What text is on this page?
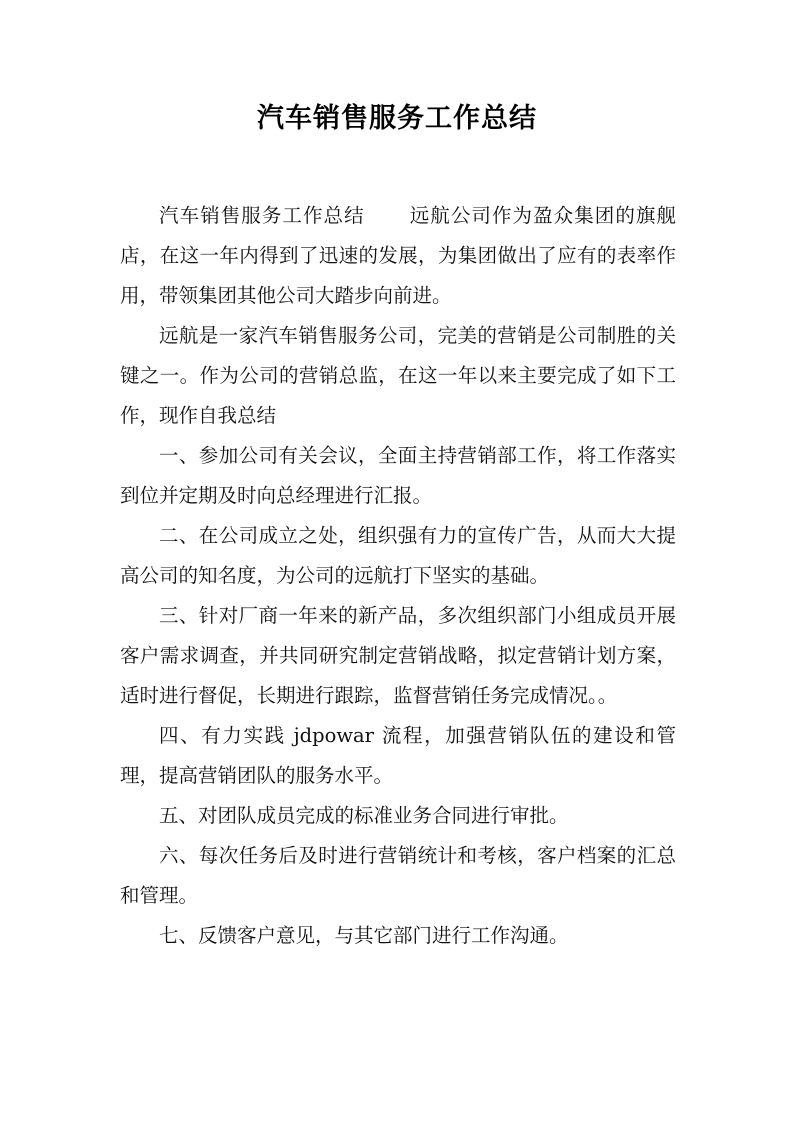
汽车销售服务工作总结

汽车销售服务工作总结 远航公司作为盈众集团的旗舰店，在这一年内得到了迅速的发展，为集团做出了应有的表率作用，带领集团其他公司大踏步向前进。

远航是一家汽车销售服务公司，完美的营销是公司制胜的关键之一。作为公司的营销总监，在这一年以来主要完成了如下工作，现作自我总结

一、参加公司有关会议，全面主持营销部工作，将工作落实到位并定期及时向总经理进行汇报。

二、在公司成立之处，组织强有力的宣传广告，从而大大提高公司的知名度，为公司的远航打下坚实的基础。

三、针对厂商一年来的新产品，多次组织部门小组成员开展客户需求调查，并共同研究制定营销战略，拟定营销计划方案，适时进行督促，长期进行跟踪，监督营销任务完成情况。。

四、有力实践 jdpowar 流程，加强营销队伍的建设和管理，提高营销团队的服务水平。

五、对团队成员完成的标准业务合同进行审批。

六、每次任务后及时进行营销统计和考核，客户档案的汇总和管理。

七、反馈客户意见，与其它部门进行工作沟通。
